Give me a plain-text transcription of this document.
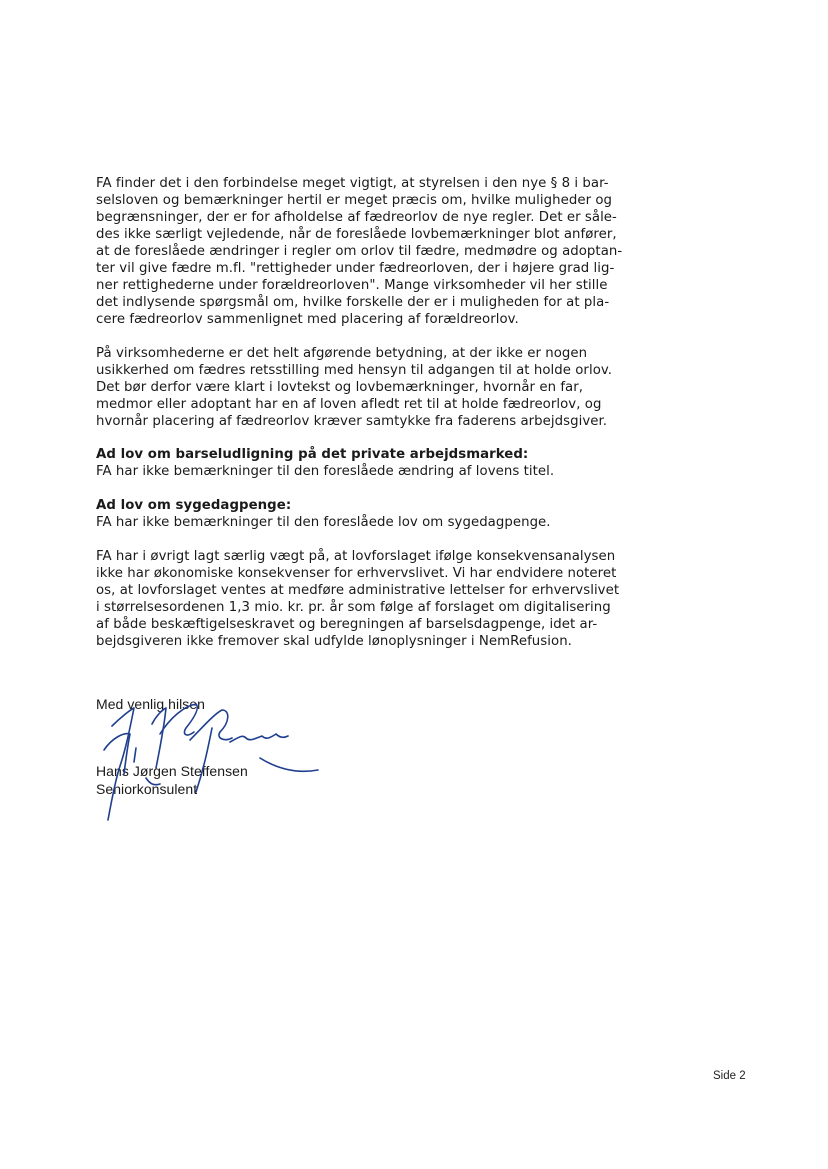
FA finder det i den forbindelse meget vigtigt, at styrelsen i den nye § 8 i bar-
selsloven og bemærkninger hertil er meget præcis om, hvilke muligheder og
begrænsninger, der er for afholdelse af fædreorlov de nye regler. Det er såle-
des ikke særligt vejledende, når de foreslåede lovbemærkninger blot anfører,
at de foreslåede ændringer i regler om orlov til fædre, medmødre og adoptan-
ter vil give fædre m.fl. "rettigheder under fædreorloven, der i højere grad lig-
ner rettighederne under forældreorloven". Mange virksomheder vil her stille
det indlysende spørgsmål om, hvilke forskelle der er i muligheden for at pla-
cere fædreorlov sammenlignet med placering af forældreorlov.
På virksomhederne er det helt afgørende betydning, at der ikke er nogen
usikkerhed om fædres retsstilling med hensyn til adgangen til at holde orlov.
Det bør derfor være klart i lovtekst og lovbemærkninger, hvornår en far,
medmor eller adoptant har en af loven afledt ret til at holde fædreorlov, og
hvornår placering af fædreorlov kræver samtykke fra faderens arbejdsgiver.
Ad lov om barseludligning på det private arbejdsmarked:
FA har ikke bemærkninger til den foreslåede ændring af lovens titel.
Ad lov om sygedagpenge:
FA har ikke bemærkninger til den foreslåede lov om sygedagpenge.
FA har i øvrigt lagt særlig vægt på, at lovforslaget ifølge konsekvensanalysen
ikke har økonomiske konsekvenser for erhvervslivet. Vi har endvidere noteret
os, at lovforslaget ventes at medføre administrative lettelser for erhvervslivet
i størrelsesordenen 1,3 mio. kr. pr. år som følge af forslaget om digitalisering
af både beskæftigelseskravet og beregningen af barselsdagpenge, idet ar-
bejdsgiveren ikke fremover skal udfylde lønoplysninger i NemRefusion.
Med venlig hilsen
Hans Jørgen Steffensen
Seniorkonsulent
Side 2
